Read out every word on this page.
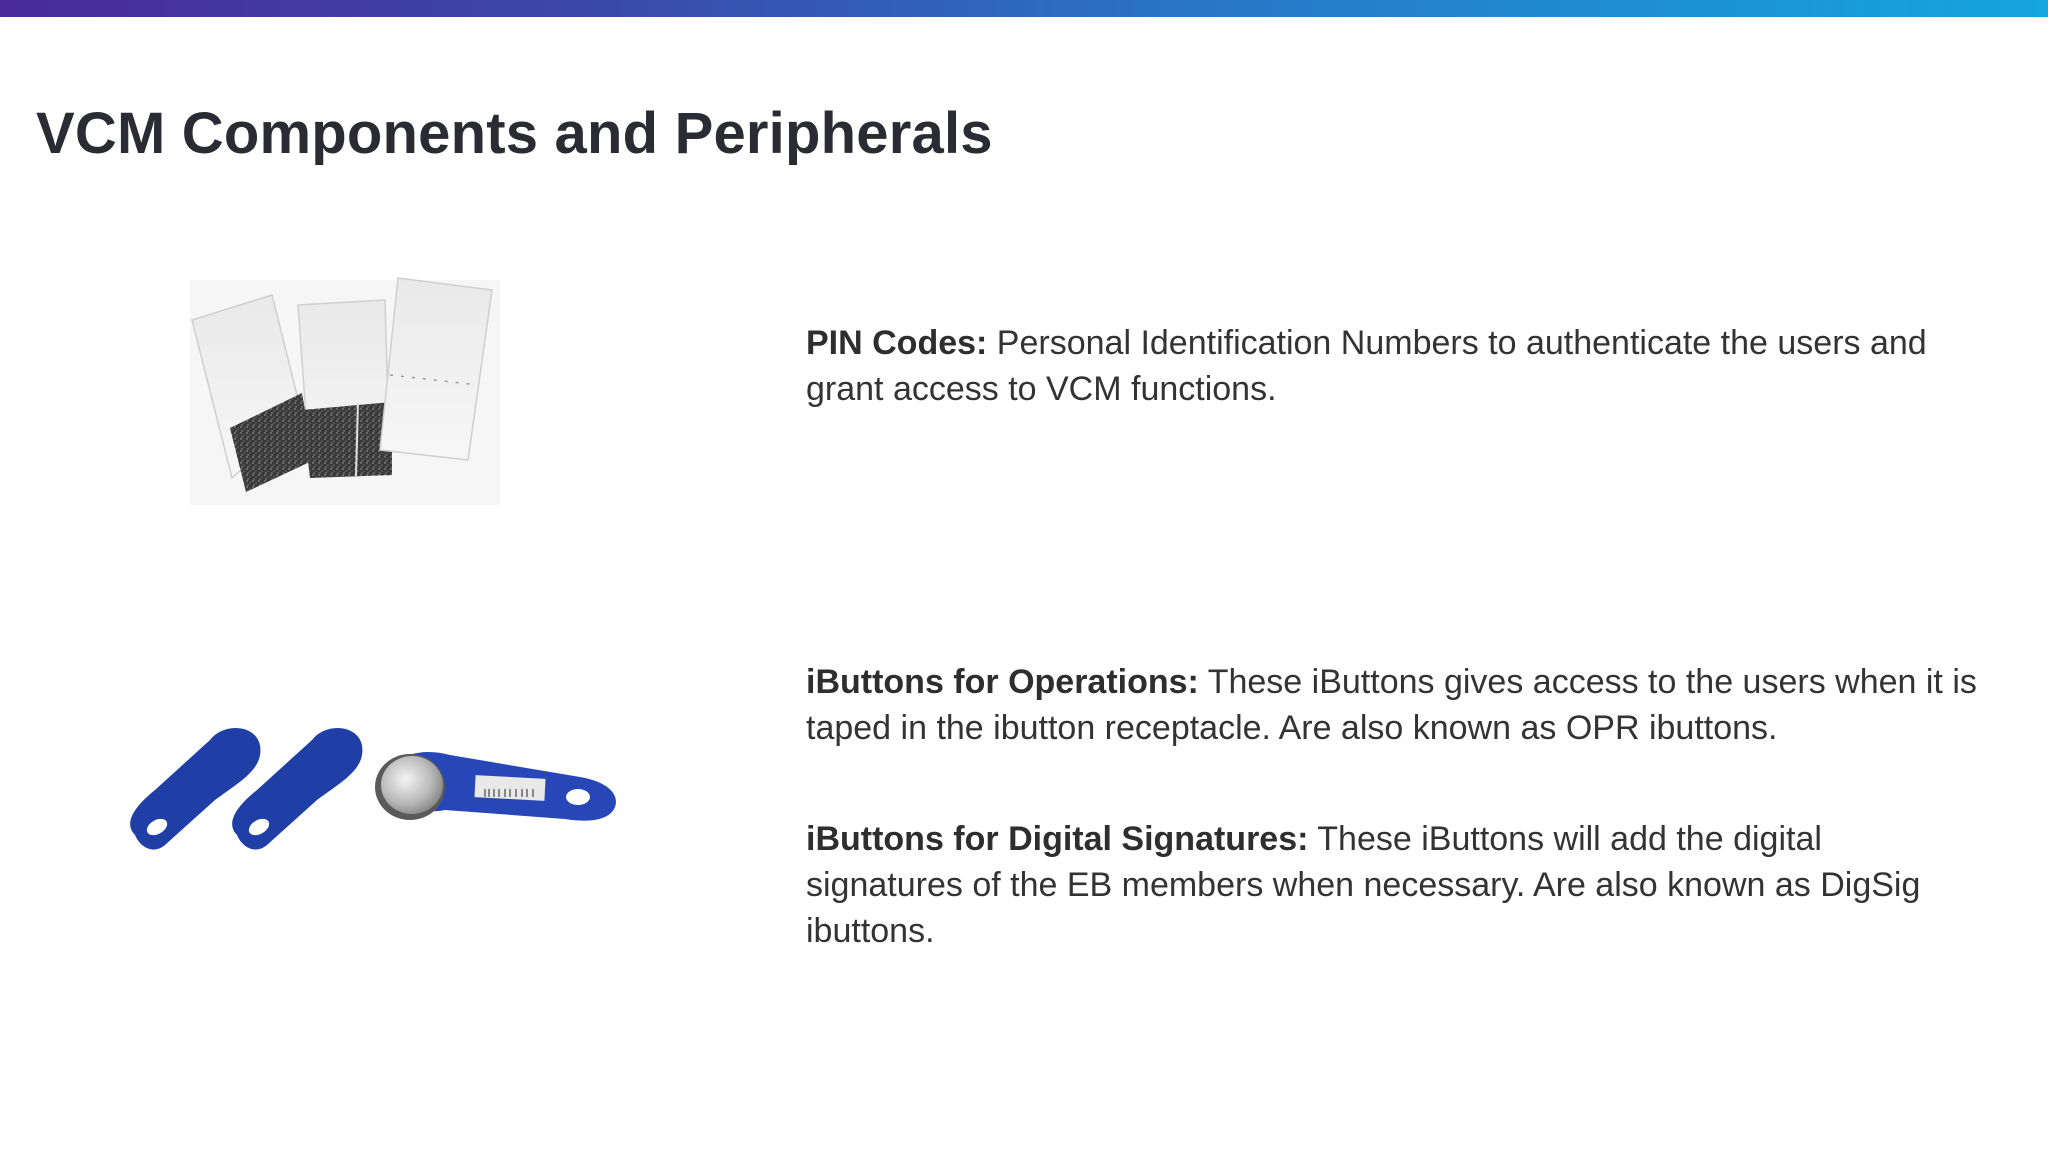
VCM Components and Peripherals

PIN Codes: Personal Identification Numbers to authenticate the users and grant access to VCM functions.

iButtons for Operations: These iButtons gives access to the users when it is taped in the ibutton receptacle. Are also known as OPR ibuttons.

iButtons for Digital Signatures: These iButtons will add the digital signatures of the EB members when necessary. Are also known as DigSig ibuttons.
